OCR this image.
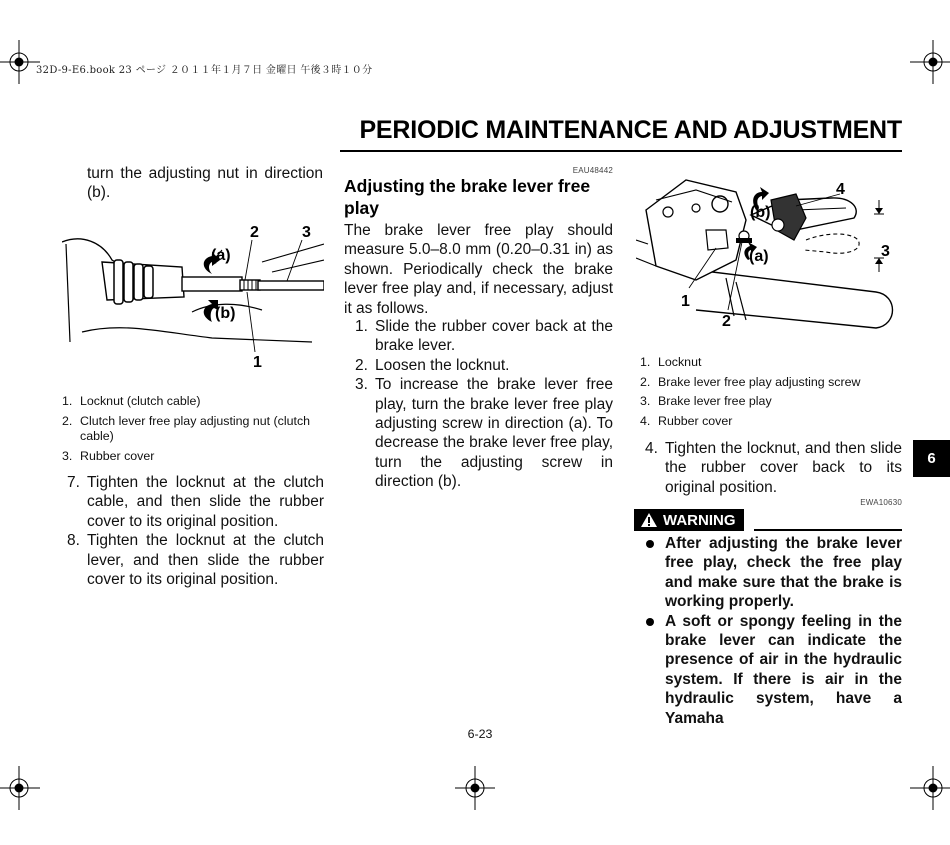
32D-9-E6.book 23 ページ ２０１１年１月７日 金曜日 午後３時１０分
PERIODIC MAINTENANCE AND ADJUSTMENT
turn the adjusting nut in direction (b).
2	3
(a)
(b)
1
1. Locknut (clutch cable)
2. Clutch lever free play adjusting nut (clutch cable)
3. Rubber cover
7. Tighten the locknut at the clutch cable, and then slide the rubber cover to its original position.
8. Tighten the locknut at the clutch lever, and then slide the rubber cover to its original position.
EAU48442
Adjusting the brake lever free play
The brake lever free play should measure 5.0–8.0 mm (0.20–0.31 in) as shown. Periodically check the brake lever free play and, if necessary, adjust it as follows.
1. Slide the rubber cover back at the brake lever.
2. Loosen the locknut.
3. To increase the brake lever free play, turn the brake lever free play adjusting screw in direction (a). To decrease the brake lever free play, turn the adjusting screw in direction (b).
4
(b)
(a)	3
1
2
1. Locknut
2. Brake lever free play adjusting screw
3. Brake lever free play
4. Rubber cover
4. Tighten the locknut, and then slide the rubber cover back to its original position.
EWA10630
WARNING
After adjusting the brake lever free play, check the free play and make sure that the brake is working properly.
A soft or spongy feeling in the brake lever can indicate the presence of air in the hydraulic system. If there is air in the hydraulic system, have a Yamaha
6
6-23
